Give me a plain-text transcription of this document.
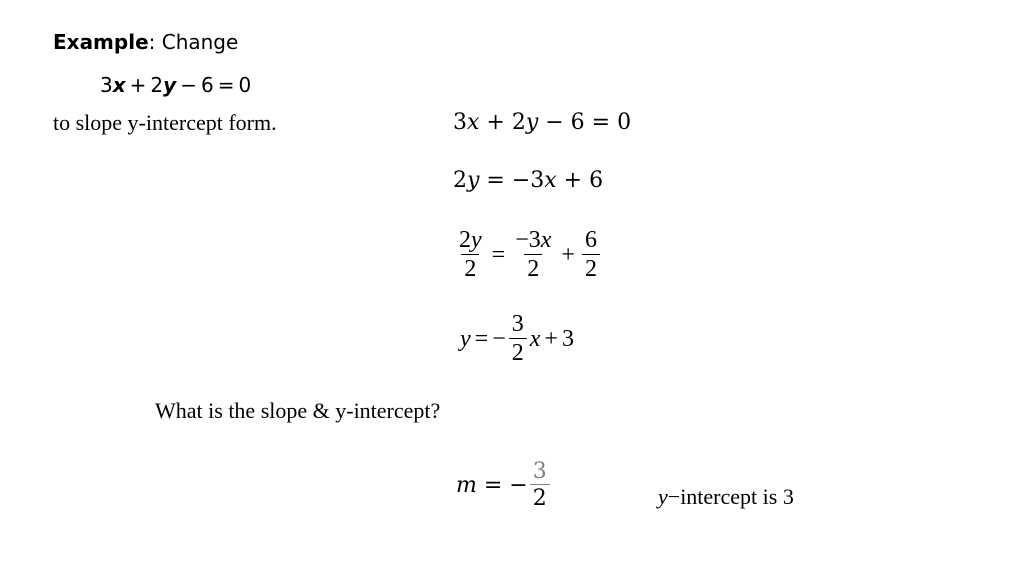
Example: Change
3x + 2y − 6 = 0
to slope y-intercept form.	3𝑥 + 2𝑦 − 6 = 0
2𝑦 = −3𝑥 + 6
$\frac{2y}{2} = \frac{-3x}{2} + \frac{6}{2}$
y = − $\frac{3}{2}$ x + 3
What is the slope & y-intercept?
𝑚 = − $\frac{3}{2}$	y−intercept is 3
